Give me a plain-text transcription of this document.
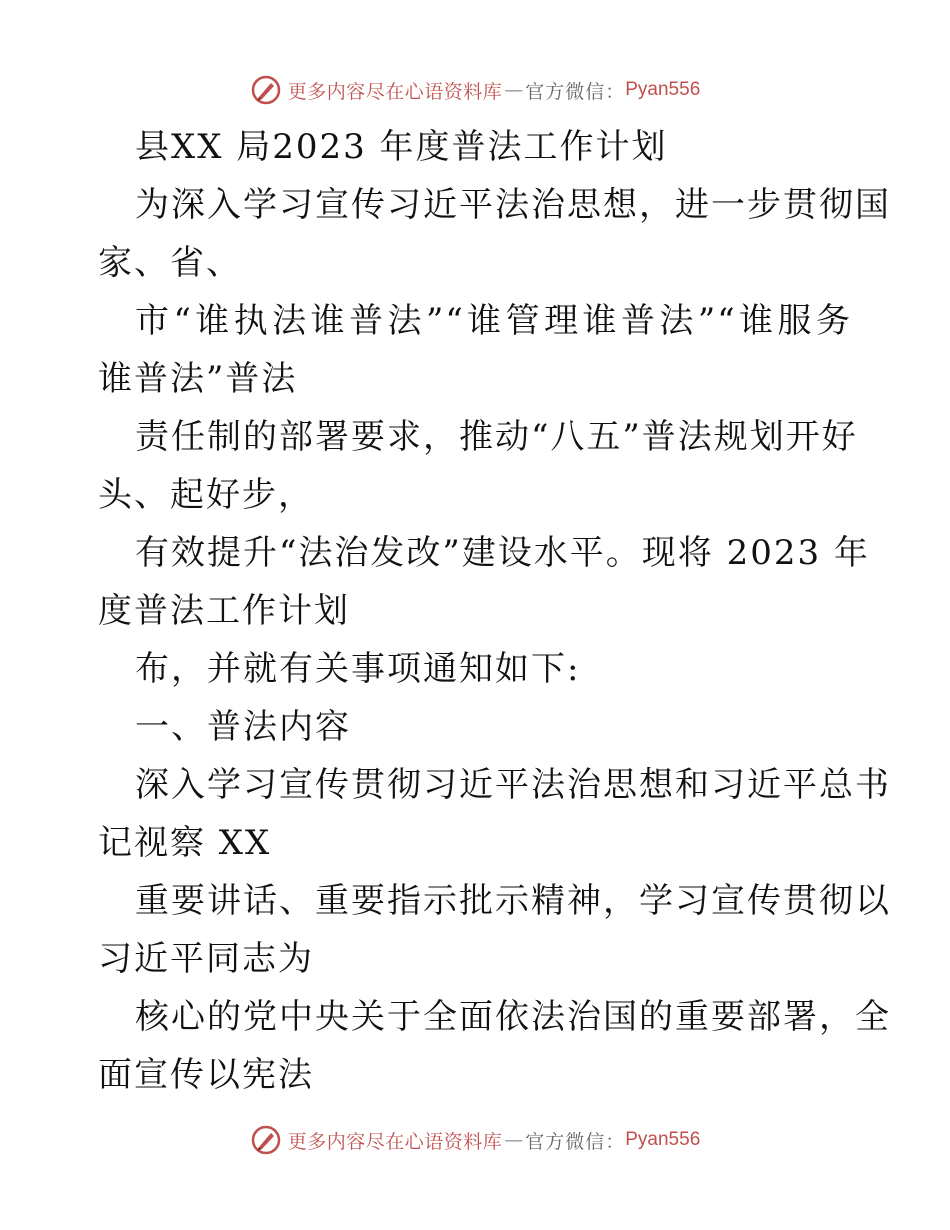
更多内容尽在心语资料库 — 官方微信： Pyan556
县XX 局2023 年度普法工作计划
为深入学习宣传习近平法治思想，进一步贯彻国
家、省、
市“谁执法谁普法”“谁管理谁普法”“谁服务
谁普法”普法
责任制的部署要求，推动“八五”普法规划开好
头、起好步，
有效提升“法治发改”建设水平。现将 2023 年
度普法工作计划
布，并就有关事项通知如下:
一、普法内容
深入学习宣传贯彻习近平法治思想和习近平总书
记视察 XX
重要讲话、重要指示批示精神，学习宣传贯彻以
习近平同志为
核心的党中央关于全面依法治国的重要部署，全
面宣传以宪法
更多内容尽在心语资料库 — 官方微信： Pyan556
